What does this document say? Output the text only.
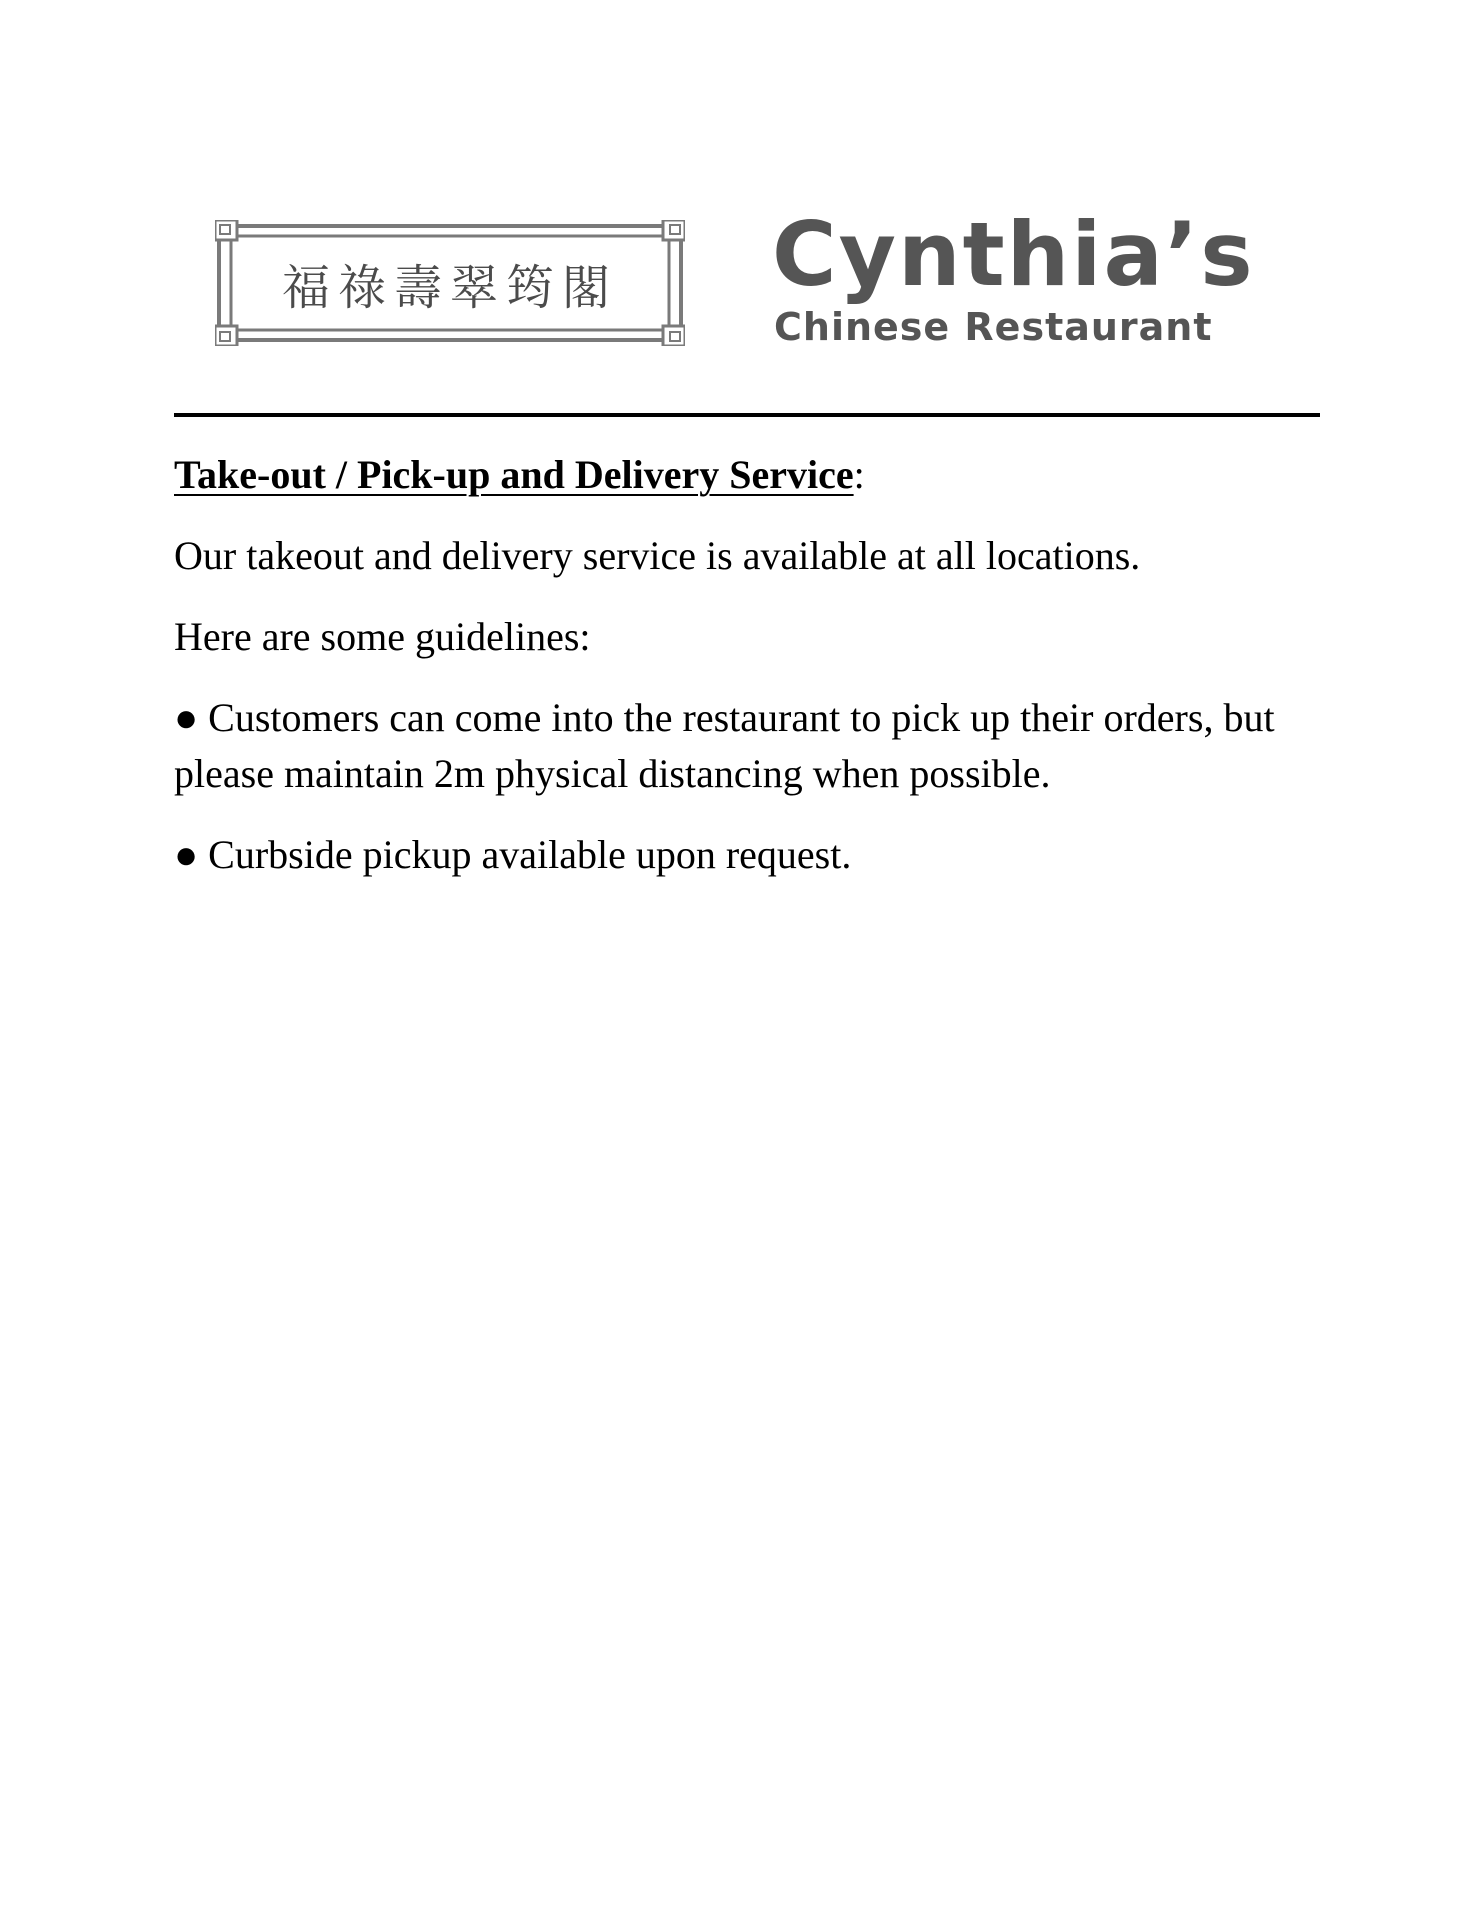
福祿壽翠筠閣	Cynthia’s
Chinese Restaurant

Take-out / Pick-up and Delivery Service:

Our takeout and delivery service is available at all locations.

Here are some guidelines:

● Customers can come into the restaurant to pick up their orders, but please maintain 2m physical distancing when possible.

● Curbside pickup available upon request.
